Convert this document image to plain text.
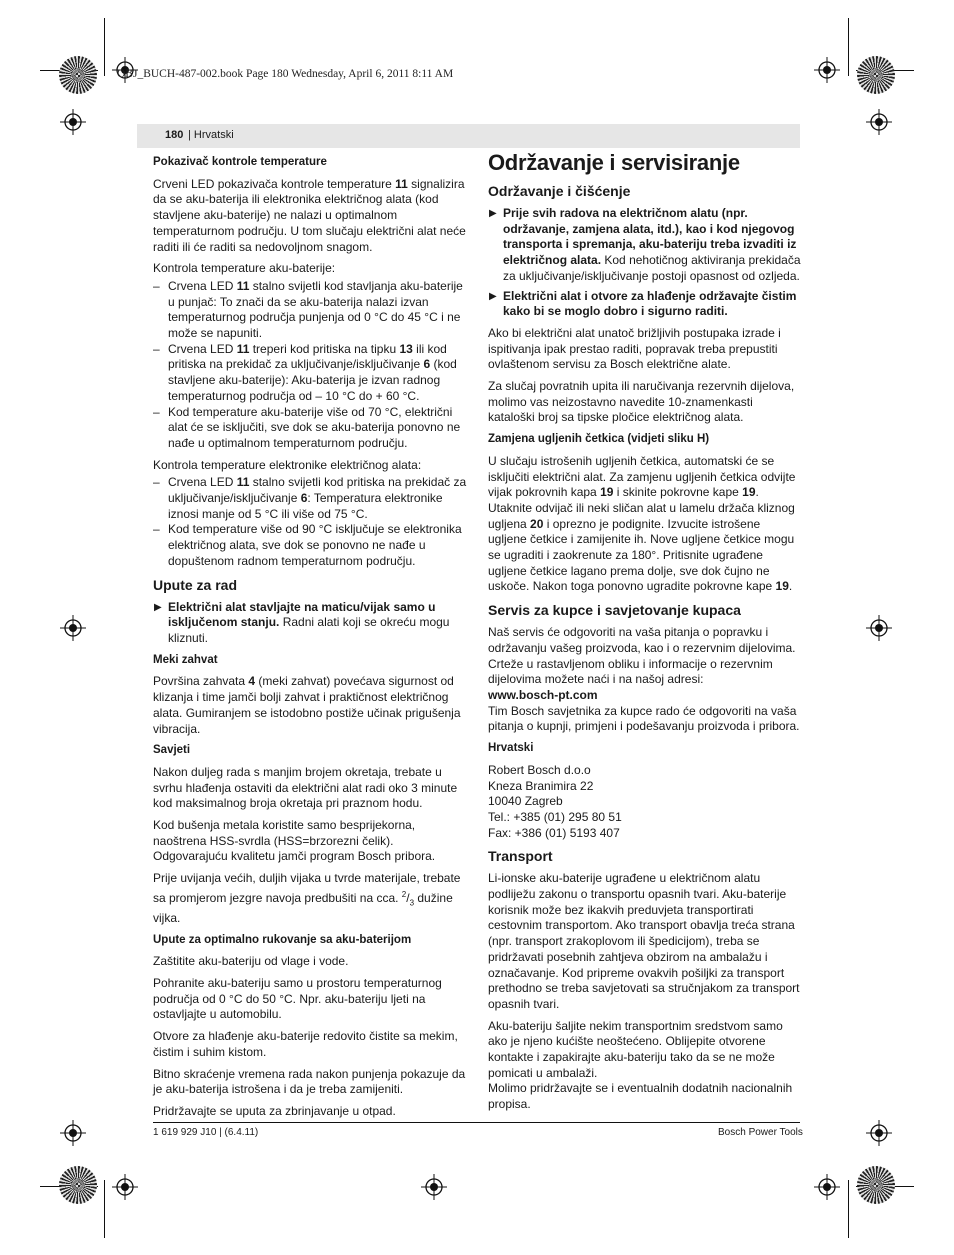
OBJ_BUCH-487-002.book Page 180 Wednesday, April 6, 2011 8:11 AM
180 | Hrvatski

Pokazivač kontrole temperature

Crveni LED pokazivača kontrole temperature 11 signalizira da se aku-baterija ili elektronika električnog alata (kod stavljene aku-baterije) ne nalazi u optimalnom temperaturnom području. U tom slučaju električni alat neće raditi ili će raditi sa nedovoljnom snagom.

Kontrola temperature aku-baterije:

– Crvena LED 11 stalno svijetli kod stavljanja aku-baterije u punjač: To znači da se aku-baterija nalazi izvan temperaturnog područja punjenja od 0 °C do 45 °C i ne može se napuniti.
– Crvena LED 11 treperi kod pritiska na tipku 13 ili kod pritiska na prekidač za uključivanje/isključivanje 6 (kod stavljene aku-baterije): Aku-baterija je izvan radnog temperaturnog područja od – 10 °C do + 60 °C.
– Kod temperature aku-baterije više od 70 °C, električni alat će se isključiti, sve dok se aku-baterija ponovno ne nađe u optimalnom temperaturnom području.

Kontrola temperature elektronike električnog alata:

– Crvena LED 11 stalno svijetli kod pritiska na prekidač za uključivanje/isključivanje 6: Temperatura elektronike iznosi manje od 5 °C ili više od 75 °C.
– Kod temperature više od 90 °C isključuje se elektronika električnog alata, sve dok se ponovno ne nađe u dopuštenom radnom temperaturnom području.

Upute za rad

▶ Električni alat stavljajte na maticu/vijak samo u isključenom stanju. Radni alati koji se okreću mogu kliznuti.

Meki zahvat

Površina zahvata 4 (meki zahvat) povećava sigurnost od klizanja i time jamči bolji zahvat i praktičnost električnog alata. Gumiranjem se istodobno postiže učinak prigušenja vibracija.

Savjeti

Nakon duljeg rada s manjim brojem okretaja, trebate u svrhu hlađenja ostaviti da električni alat radi oko 3 minute kod maksimalnog broja okretaja pri praznom hodu.

Kod bušenja metala koristite samo besprijekorna, naoštrena HSS-svrdla (HSS=brzorezni čelik). Odgovarajuću kvalitetu jamči program Bosch pribora.

Prije uvijanja većih, duljih vijaka u tvrde materijale, trebate sa promjerom jezgre navoja predbušiti na cca. $^2/_3$ dužine vijka.

Upute za optimalno rukovanje sa aku-baterijom

Zaštitite aku-bateriju od vlage i vode.

Pohranite aku-bateriju samo u prostoru temperaturnog područja od 0 °C do 50 °C. Npr. aku-bateriju ljeti na ostavljajte u automobilu.

Otvore za hlađenje aku-baterije redovito čistite sa mekim, čistim i suhim kistom.

Bitno skraćenje vremena rada nakon punjenja pokazuje da je aku-baterija istrošena i da je treba zamijeniti.

Pridržavajte se uputa za zbrinjavanje u otpad.

Održavanje i servisiranje

Održavanje i čišćenje

▶ Prije svih radova na električnom alatu (npr. održavanje, zamjena alata, itd.), kao i kod njegovog transporta i spremanja, aku-bateriju treba izvaditi iz električnog alata. Kod nehotičnog aktiviranja prekidača za uključivanje/isključivanje postoji opasnost od ozljeda.
▶ Električni alat i otvore za hlađenje održavajte čistim kako bi se moglo dobro i sigurno raditi.

Ako bi električni alat unatoč brižljivih postupaka izrade i ispitivanja ipak prestao raditi, popravak treba prepustiti ovlaštenom servisu za Bosch električne alate.

Za slučaj povratnih upita ili naručivanja rezervnih dijelova, molimo vas neizostavno navedite 10-znamenkasti kataloški broj sa tipske pločice električnog alata.

Zamjena ugljenih četkica (vidjeti sliku H)

U slučaju istrošenih ugljenih četkica, automatski će se isključiti električni alat. Za zamjenu ugljenih četkica odvijte vijak pokrovnih kapa 19 i skinite pokrovne kape 19. Utaknite odvijač ili neki sličan alat u lamelu držača kliznog ugljena 20 i oprezno je podignite. Izvucite istrošene ugljene četkice i zamijenite ih. Nove ugljene četkice mogu se ugraditi i zaokrenute za 180°. Pritisnite ugrađene ugljene četkice lagano prema dolje, sve dok čujno ne uskoče. Nakon toga ponovno ugradite pokrovne kape 19.

Servis za kupce i savjetovanje kupaca

Naš servis će odgovoriti na vaša pitanja o popravku i održavanju vašeg proizvoda, kao i o rezervnim dijelovima. Crteže u rastavljenom obliku i informacije o rezervnim dijelovima možete naći i na našoj adresi:

www.bosch-pt.com

Tim Bosch savjetnika za kupce rado će odgovoriti na vaša pitanja o kupnji, primjeni i podešavanju proizvoda i pribora.

Hrvatski

Robert Bosch d.o.o
Kneza Branimira 22
10040 Zagreb
Tel.: +385 (01) 295 80 51
Fax: +386 (01) 5193 407

Transport

Li-ionske aku-baterije ugrađene u električnom alatu podliježu zakonu o transportu opasnih tvari. Aku-baterije korisnik može bez ikakvih preduvjeta transportirati cestovnim transportom. Ako transport obavlja treća strana (npr. transport zrakoplovom ili špedicijom), treba se pridržavati posebnih zahtjeva obzirom na ambalažu i označavanje. Kod pripreme ovakvih pošiljki za transport prethodno se treba savjetovati sa stručnjakom za transport opasnih tvari.

Aku-bateriju šaljite nekim transportnim sredstvom samo ako je njeno kućište neoštećeno. Oblijepite otvorene kontakte i zapakirajte aku-bateriju tako da se ne može pomicati u ambalaži.

Molimo pridržavajte se i eventualnih dodatnih nacionalnih propisa.

1 619 929 J10 | (6.4.11)	Bosch Power Tools
